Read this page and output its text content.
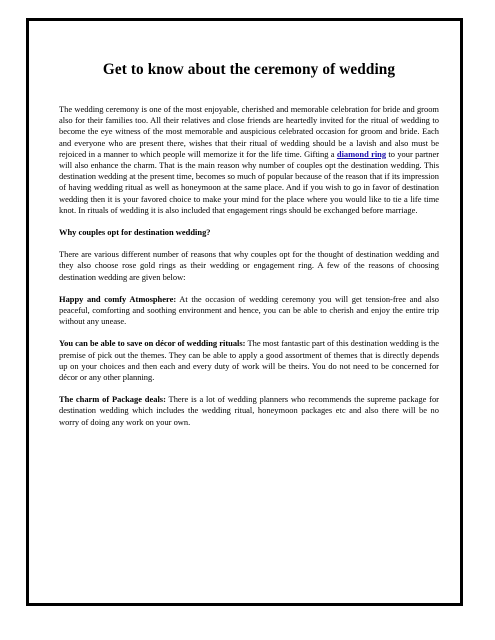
Get to know about the ceremony of wedding

The wedding ceremony is one of the most enjoyable, cherished and memorable celebration for bride and groom also for their families too. All their relatives and close friends are heartedly invited for the ritual of wedding to become the eye witness of the most memorable and auspicious celebrated occasion for groom and bride. Each and everyone who are present there, wishes that their ritual of wedding should be a lavish and also must be rejoiced in a manner to which people will memorize it for the life time. Gifting a diamond ring to your partner will also enhance the charm. That is the main reason why number of couples opt the destination wedding. This destination wedding at the present time, becomes so much of popular because of the reason that if its impression of having wedding ritual as well as honeymoon at the same place. And if you wish to go in favor of destination wedding then it is your favored choice to make your mind for the place where you would like to tie a life time knot. In rituals of wedding it is also included that engagement rings should be exchanged before marriage.

Why couples opt for destination wedding?

There are various different number of reasons that why couples opt for the thought of destination wedding and they also choose rose gold rings as their wedding or engagement ring. A few of the reasons of choosing destination wedding are given below:

Happy and comfy Atmosphere: At the occasion of wedding ceremony you will get tension-free and also peaceful, comforting and soothing environment and hence, you can be able to cherish and enjoy the entire trip without any unease.

You can be able to save on décor of wedding rituals: The most fantastic part of this destination wedding is the premise of pick out the themes. They can be able to apply a good assortment of themes that is directly depends up on your choices and then each and every duty of work will be theirs. You do not need to be concerned for décor or any other planning.

The charm of Package deals: There is a lot of wedding planners who recommends the supreme package for destination wedding which includes the wedding ritual, honeymoon packages etc and also there will be no worry of doing any work on your own.
